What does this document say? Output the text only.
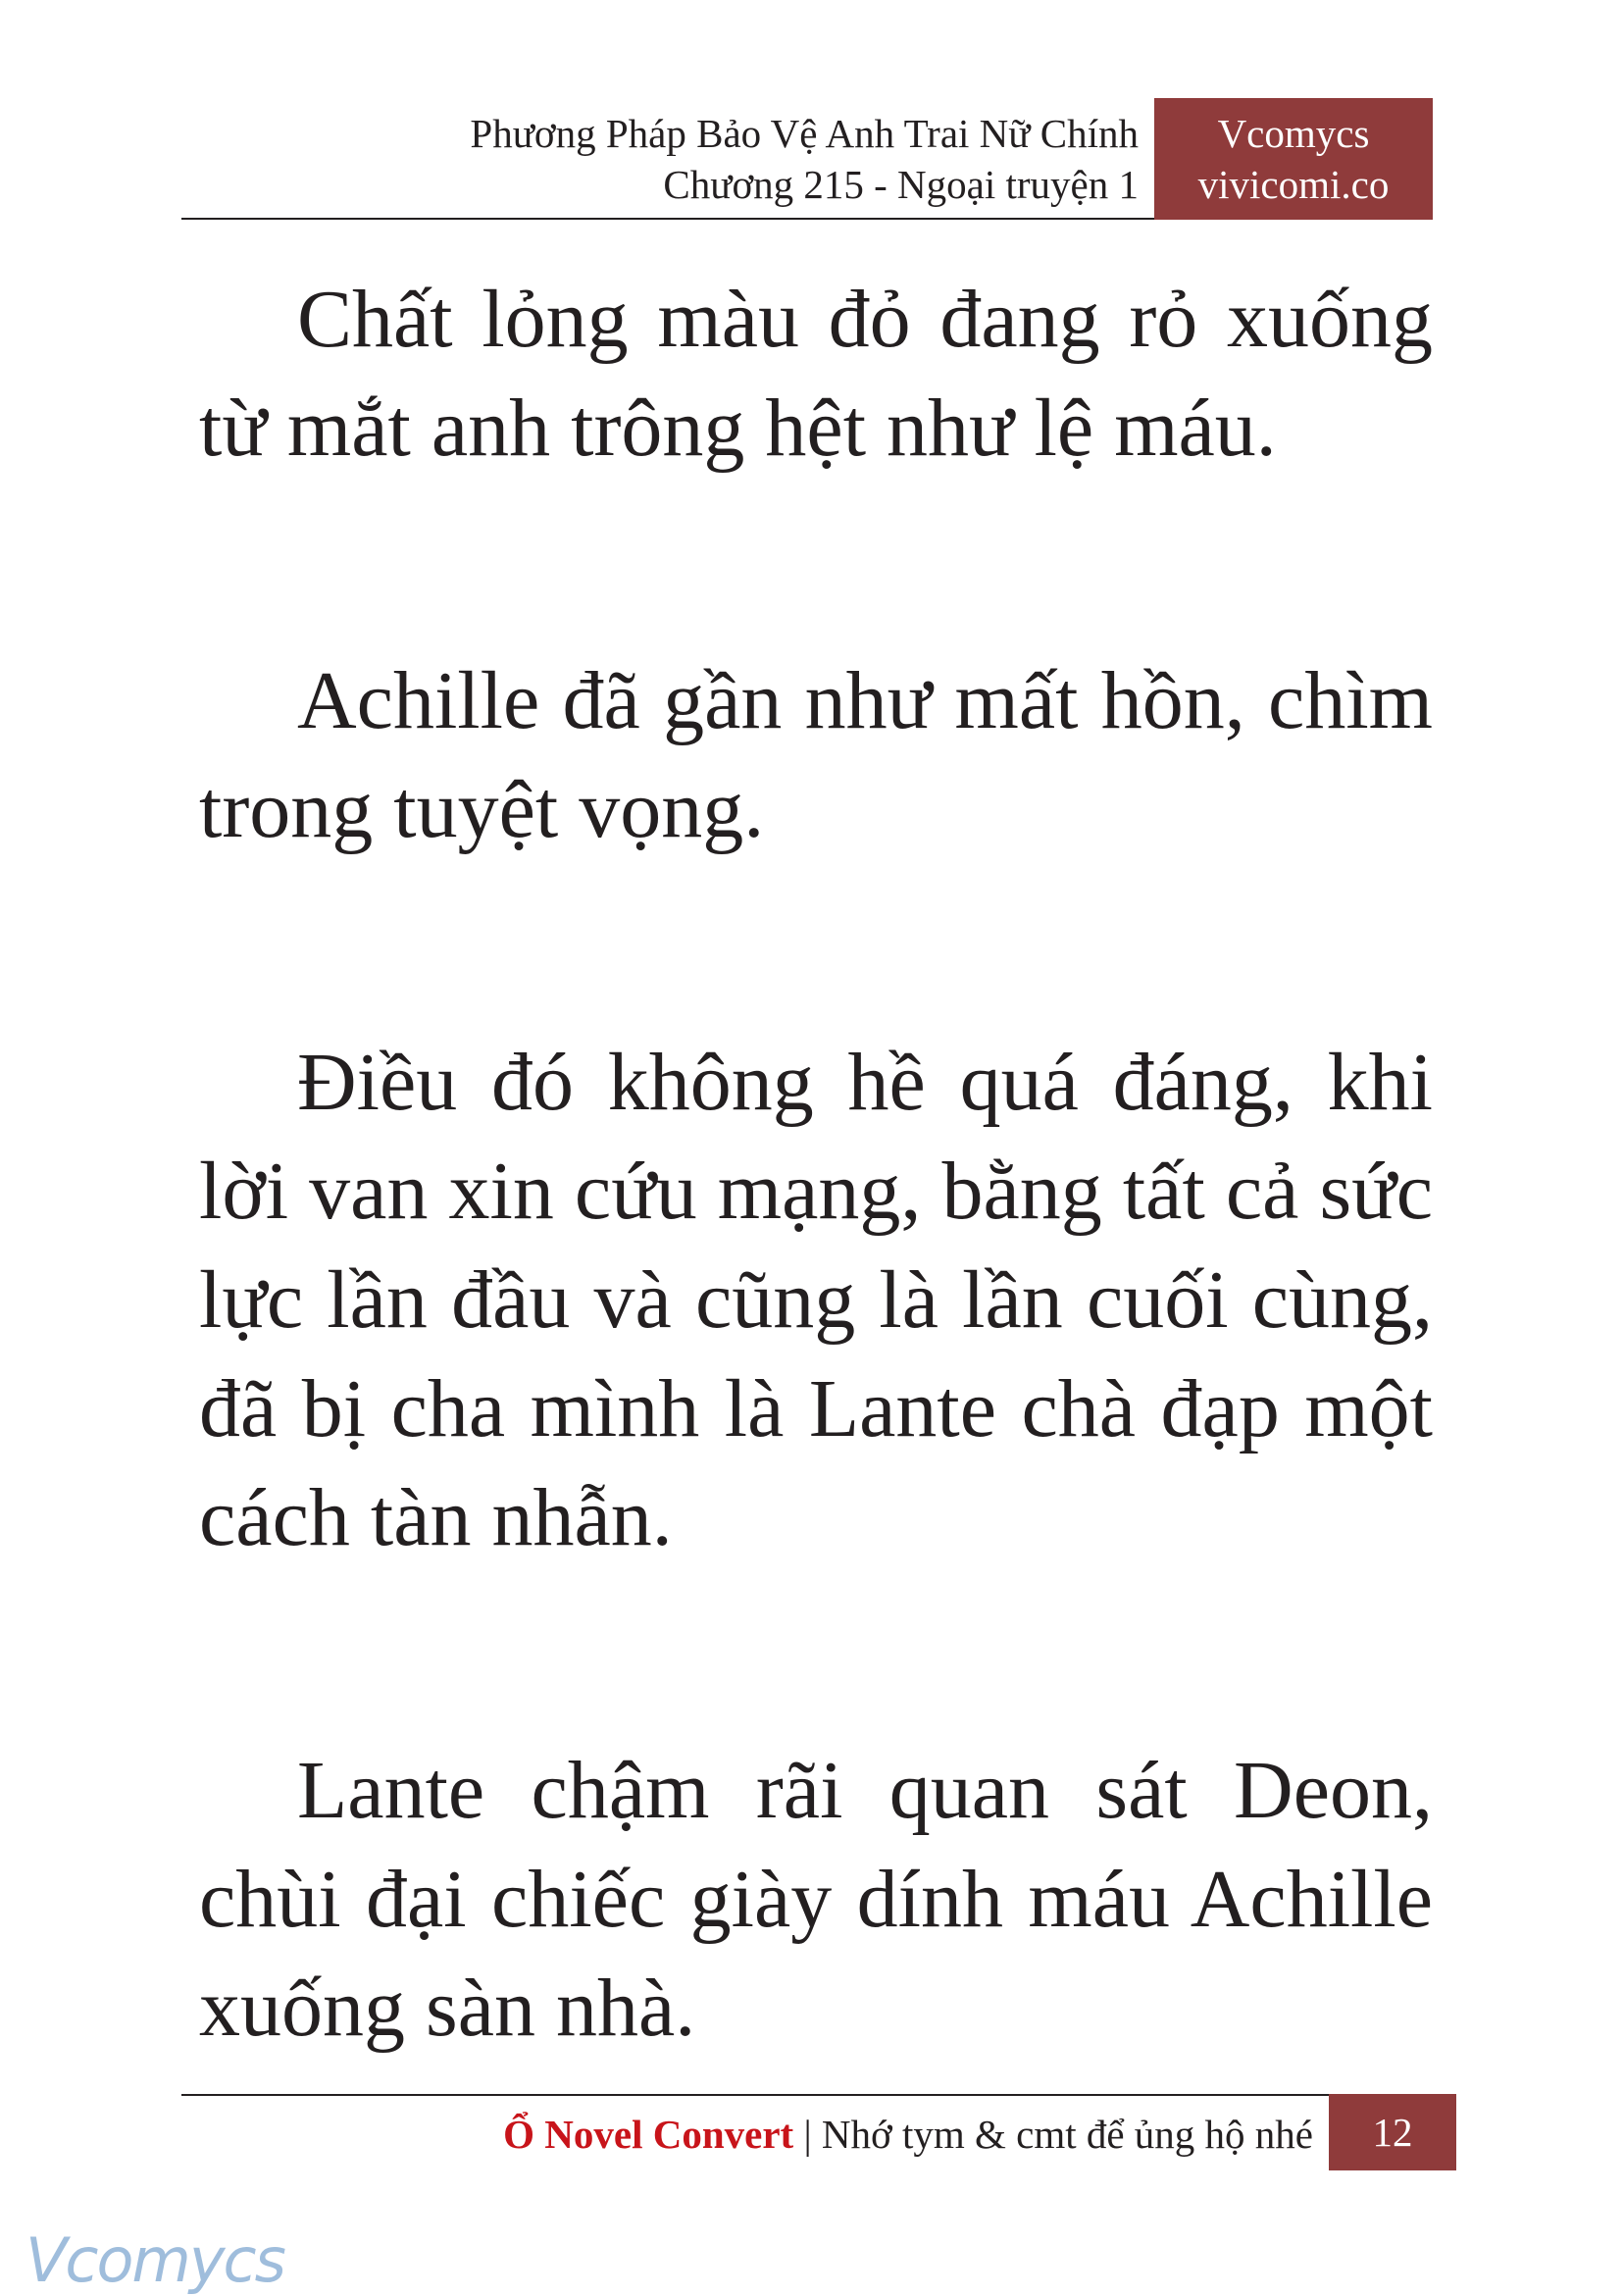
Phương Pháp Bảo Vệ Anh Trai Nữ Chính
Chương 215 - Ngoại truyện 1
Vcomycs
vivicomi.co

Chất lỏng màu đỏ đang rỏ xuống từ mắt anh trông hệt như lệ máu.

Achille đã gần như mất hồn, chìm trong tuyệt vọng.

Điều đó không hề quá đáng, khi lời van xin cứu mạng, bằng tất cả sức lực lần đầu và cũng là lần cuối cùng, đã bị cha mình là Lante chà đạp một cách tàn nhẫn.

Lante chậm rãi quan sát Deon, chùi đại chiếc giày dính máu Achille xuống sàn nhà.

Ổ Novel Convert | Nhớ tym & cmt để ủng hộ nhé	12
Vcomycs
